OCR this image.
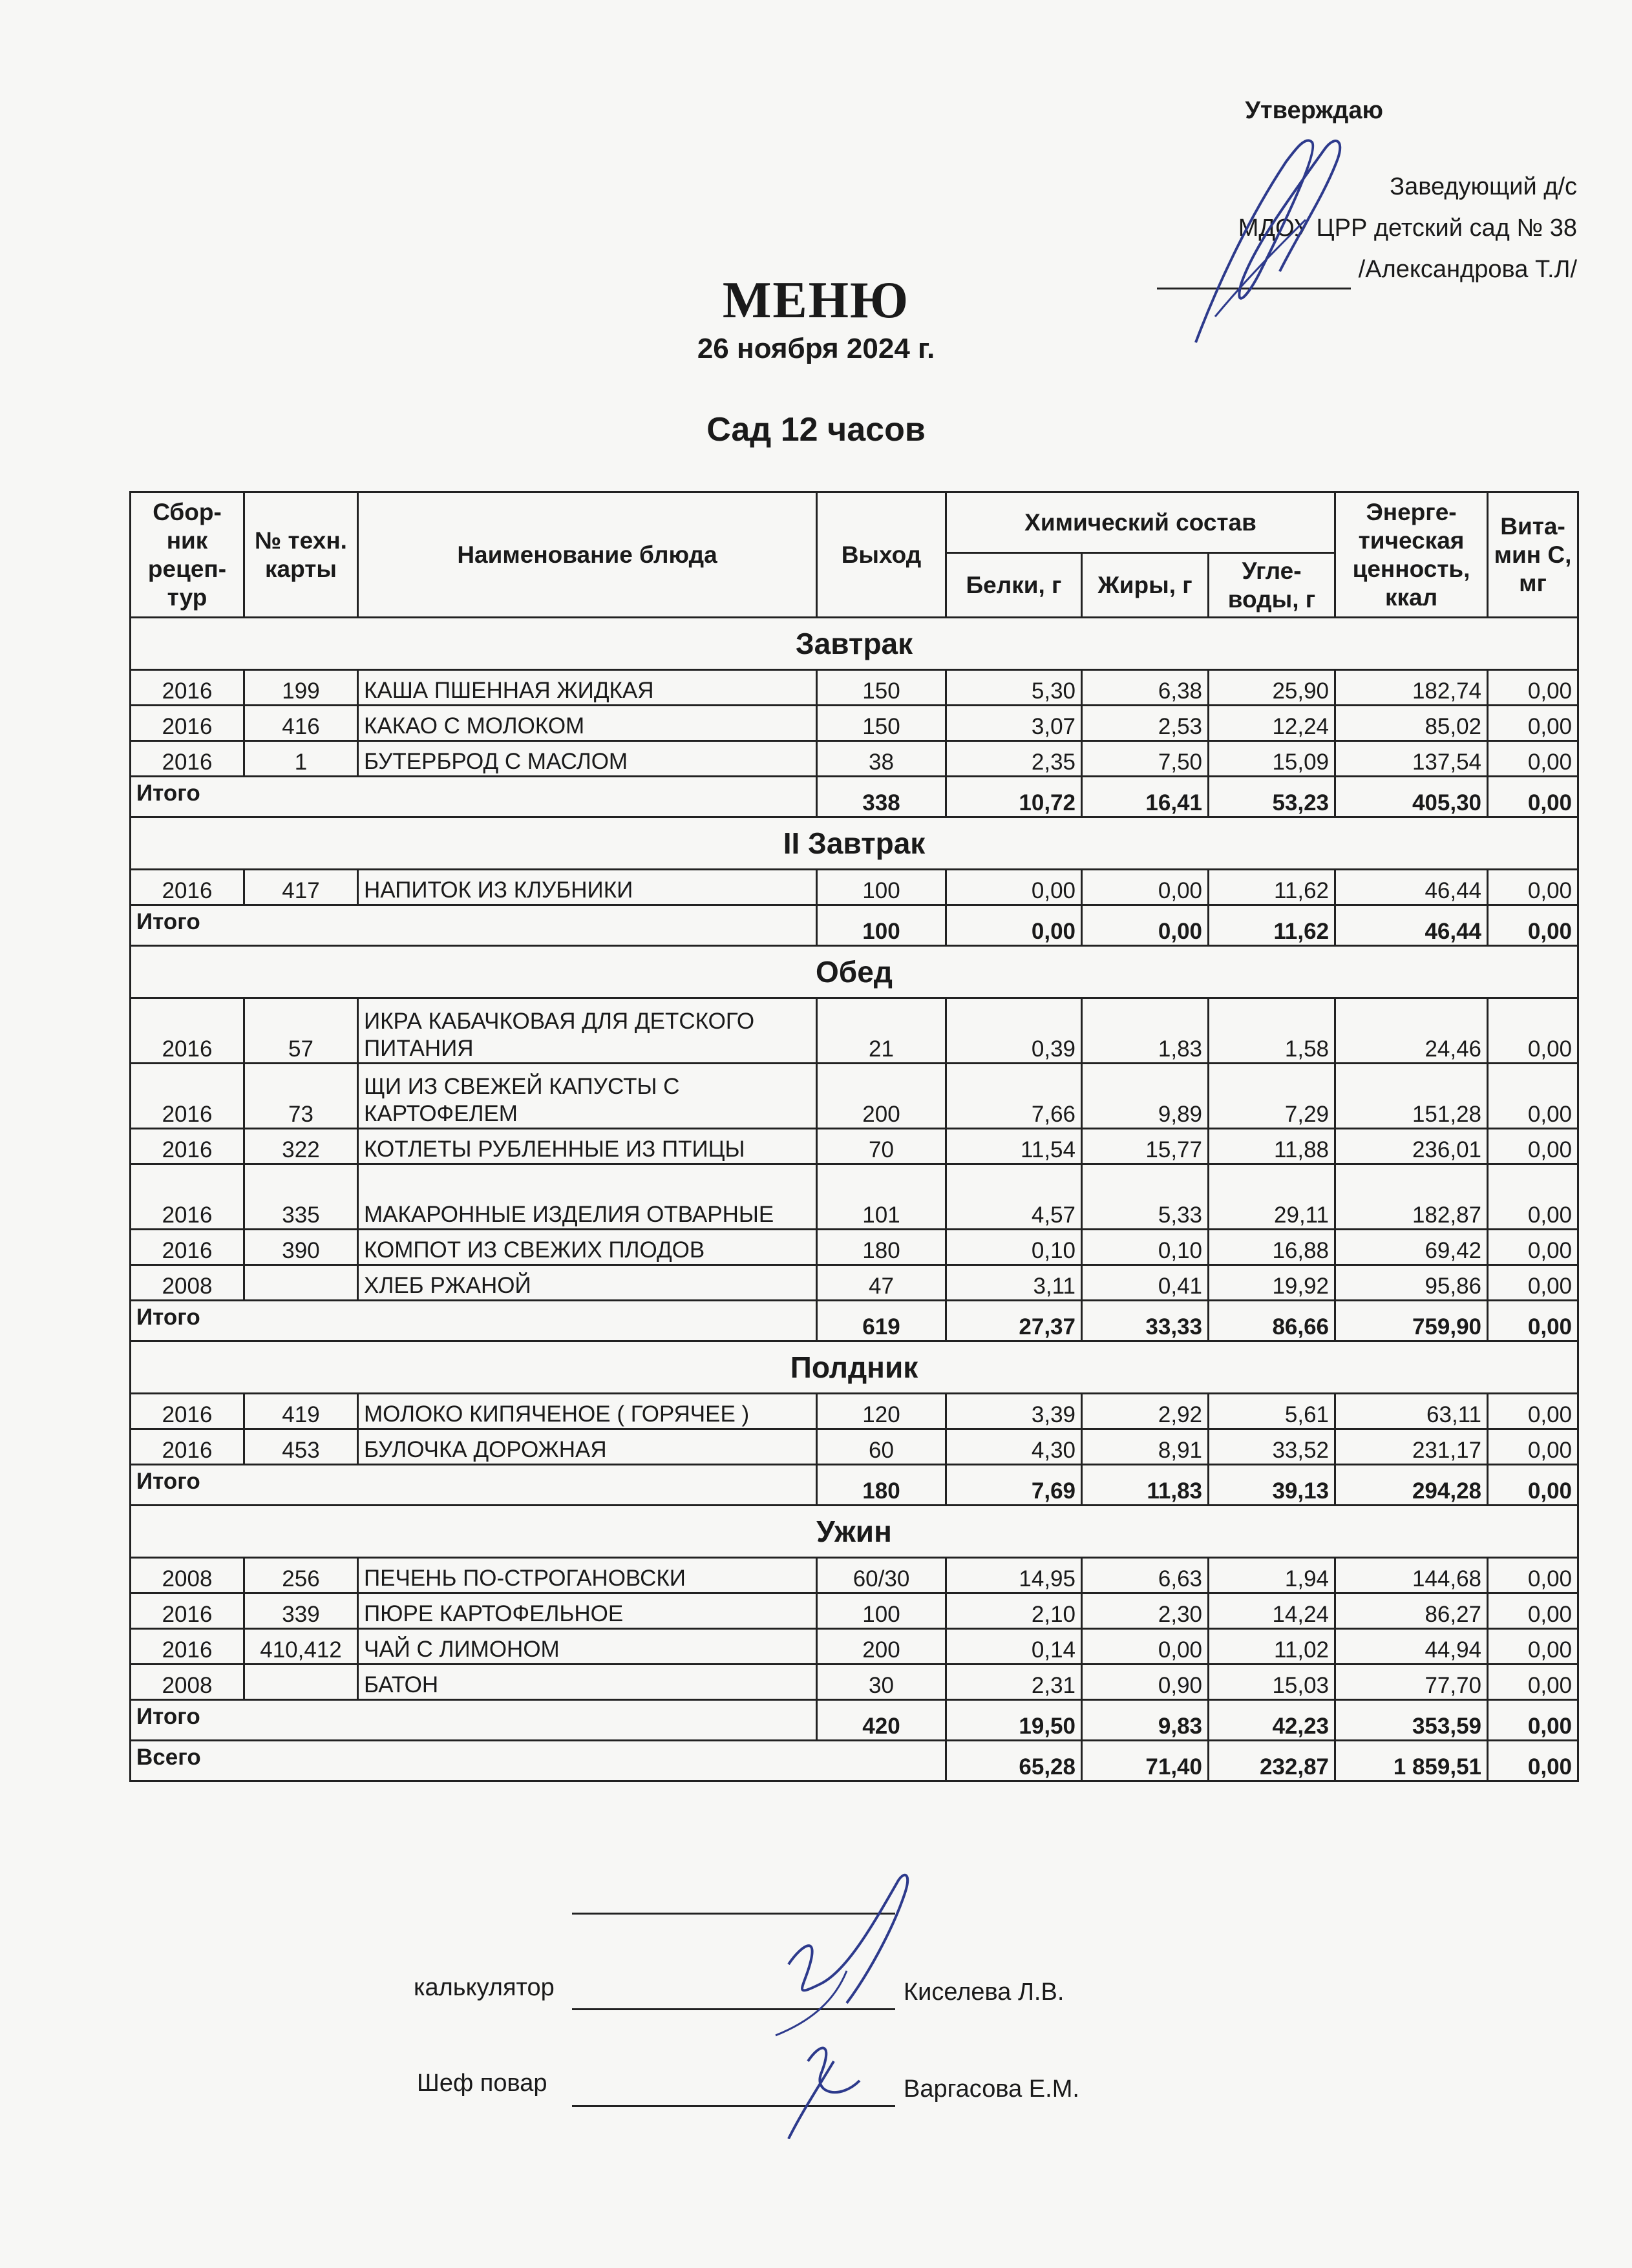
Утверждаю
Заведующий д/с
МДОУ ЦРР детский сад № 38
/Александрова Т.Л/
МЕНЮ
26 ноября 2024 г.
Сад 12 часов
Сбор-ник рецеп-тур	№ техн. карты	Наименование блюда	Выход	Химический состав			Энерге-тическая ценность, ккал	Вита-мин С, мг
				Белки, г	Жиры, г	Угле-воды, г		
Завтрак								
2016	199	КАША ПШЕННАЯ ЖИДКАЯ	150	5,30	6,38	25,90	182,74	0,00
2016	416	КАКАО С МОЛОКОМ	150	3,07	2,53	12,24	85,02	0,00
2016	1	БУТЕРБРОД С МАСЛОМ	38	2,35	7,50	15,09	137,54	0,00
Итого			338	10,72	16,41	53,23	405,30	0,00
II Завтрак								
2016	417	НАПИТОК ИЗ КЛУБНИКИ	100	0,00	0,00	11,62	46,44	0,00
Итого			100	0,00	0,00	11,62	46,44	0,00
Обед								
2016	57	ИКРА КАБАЧКОВАЯ ДЛЯ ДЕТСКОГО ПИТАНИЯ	21	0,39	1,83	1,58	24,46	0,00
2016	73	ЩИ ИЗ СВЕЖЕЙ КАПУСТЫ С КАРТОФЕЛЕМ	200	7,66	9,89	7,29	151,28	0,00
2016	322	КОТЛЕТЫ РУБЛЕННЫЕ ИЗ ПТИЦЫ	70	11,54	15,77	11,88	236,01	0,00
2016	335	МАКАРОННЫЕ ИЗДЕЛИЯ ОТВАРНЫЕ	101	4,57	5,33	29,11	182,87	0,00
2016	390	КОМПОТ ИЗ СВЕЖИХ ПЛОДОВ	180	0,10	0,10	16,88	69,42	0,00
2008		ХЛЕБ РЖАНОЙ	47	3,11	0,41	19,92	95,86	0,00
Итого			619	27,37	33,33	86,66	759,90	0,00
Полдник								
2016	419	МОЛОКО КИПЯЧЕНОЕ ( ГОРЯЧЕЕ )	120	3,39	2,92	5,61	63,11	0,00
2016	453	БУЛОЧКА ДОРОЖНАЯ	60	4,30	8,91	33,52	231,17	0,00
Итого			180	7,69	11,83	39,13	294,28	0,00
Ужин								
2008	256	ПЕЧЕНЬ ПО-СТРОГАНОВСКИ	60/30	14,95	6,63	1,94	144,68	0,00
2016	339	ПЮРЕ КАРТОФЕЛЬНОЕ	100	2,10	2,30	14,24	86,27	0,00
2016	410,412	ЧАЙ С ЛИМОНОМ	200	0,14	0,00	11,02	44,94	0,00
2008		БАТОН	30	2,31	0,90	15,03	77,70	0,00
Итого			420	19,50	9,83	42,23	353,59	0,00
Всего				65,28	71,40	232,87	1 859,51	0,00
калькулятор	Киселева Л.В.
Шеф повар	Варгасова Е.М.
